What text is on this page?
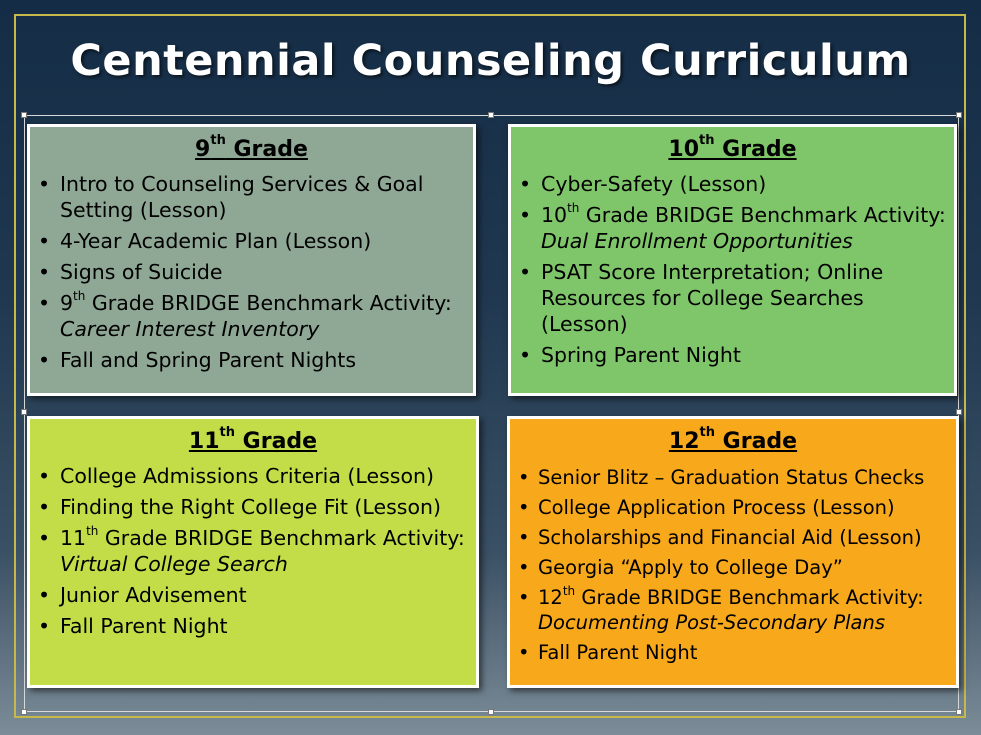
Centennial Counseling Curriculum
9th Grade
• Intro to Counseling Services & Goal Setting (Lesson)
• 4-Year Academic Plan (Lesson)
• Signs of Suicide
• 9th Grade BRIDGE Benchmark Activity: Career Interest Inventory
• Fall and Spring Parent Nights
10th Grade
• Cyber-Safety (Lesson)
• 10th Grade BRIDGE Benchmark Activity: Dual Enrollment Opportunities
• PSAT Score Interpretation; Online Resources for College Searches (Lesson)
• Spring Parent Night
11th Grade
• College Admissions Criteria (Lesson)
• Finding the Right College Fit (Lesson)
• 11th Grade BRIDGE Benchmark Activity: Virtual College Search
• Junior Advisement
• Fall Parent Night
12th Grade
• Senior Blitz – Graduation Status Checks
• College Application Process (Lesson)
• Scholarships and Financial Aid (Lesson)
• Georgia “Apply to College Day”
• 12th Grade BRIDGE Benchmark Activity: Documenting Post-Secondary Plans
• Fall Parent Night
